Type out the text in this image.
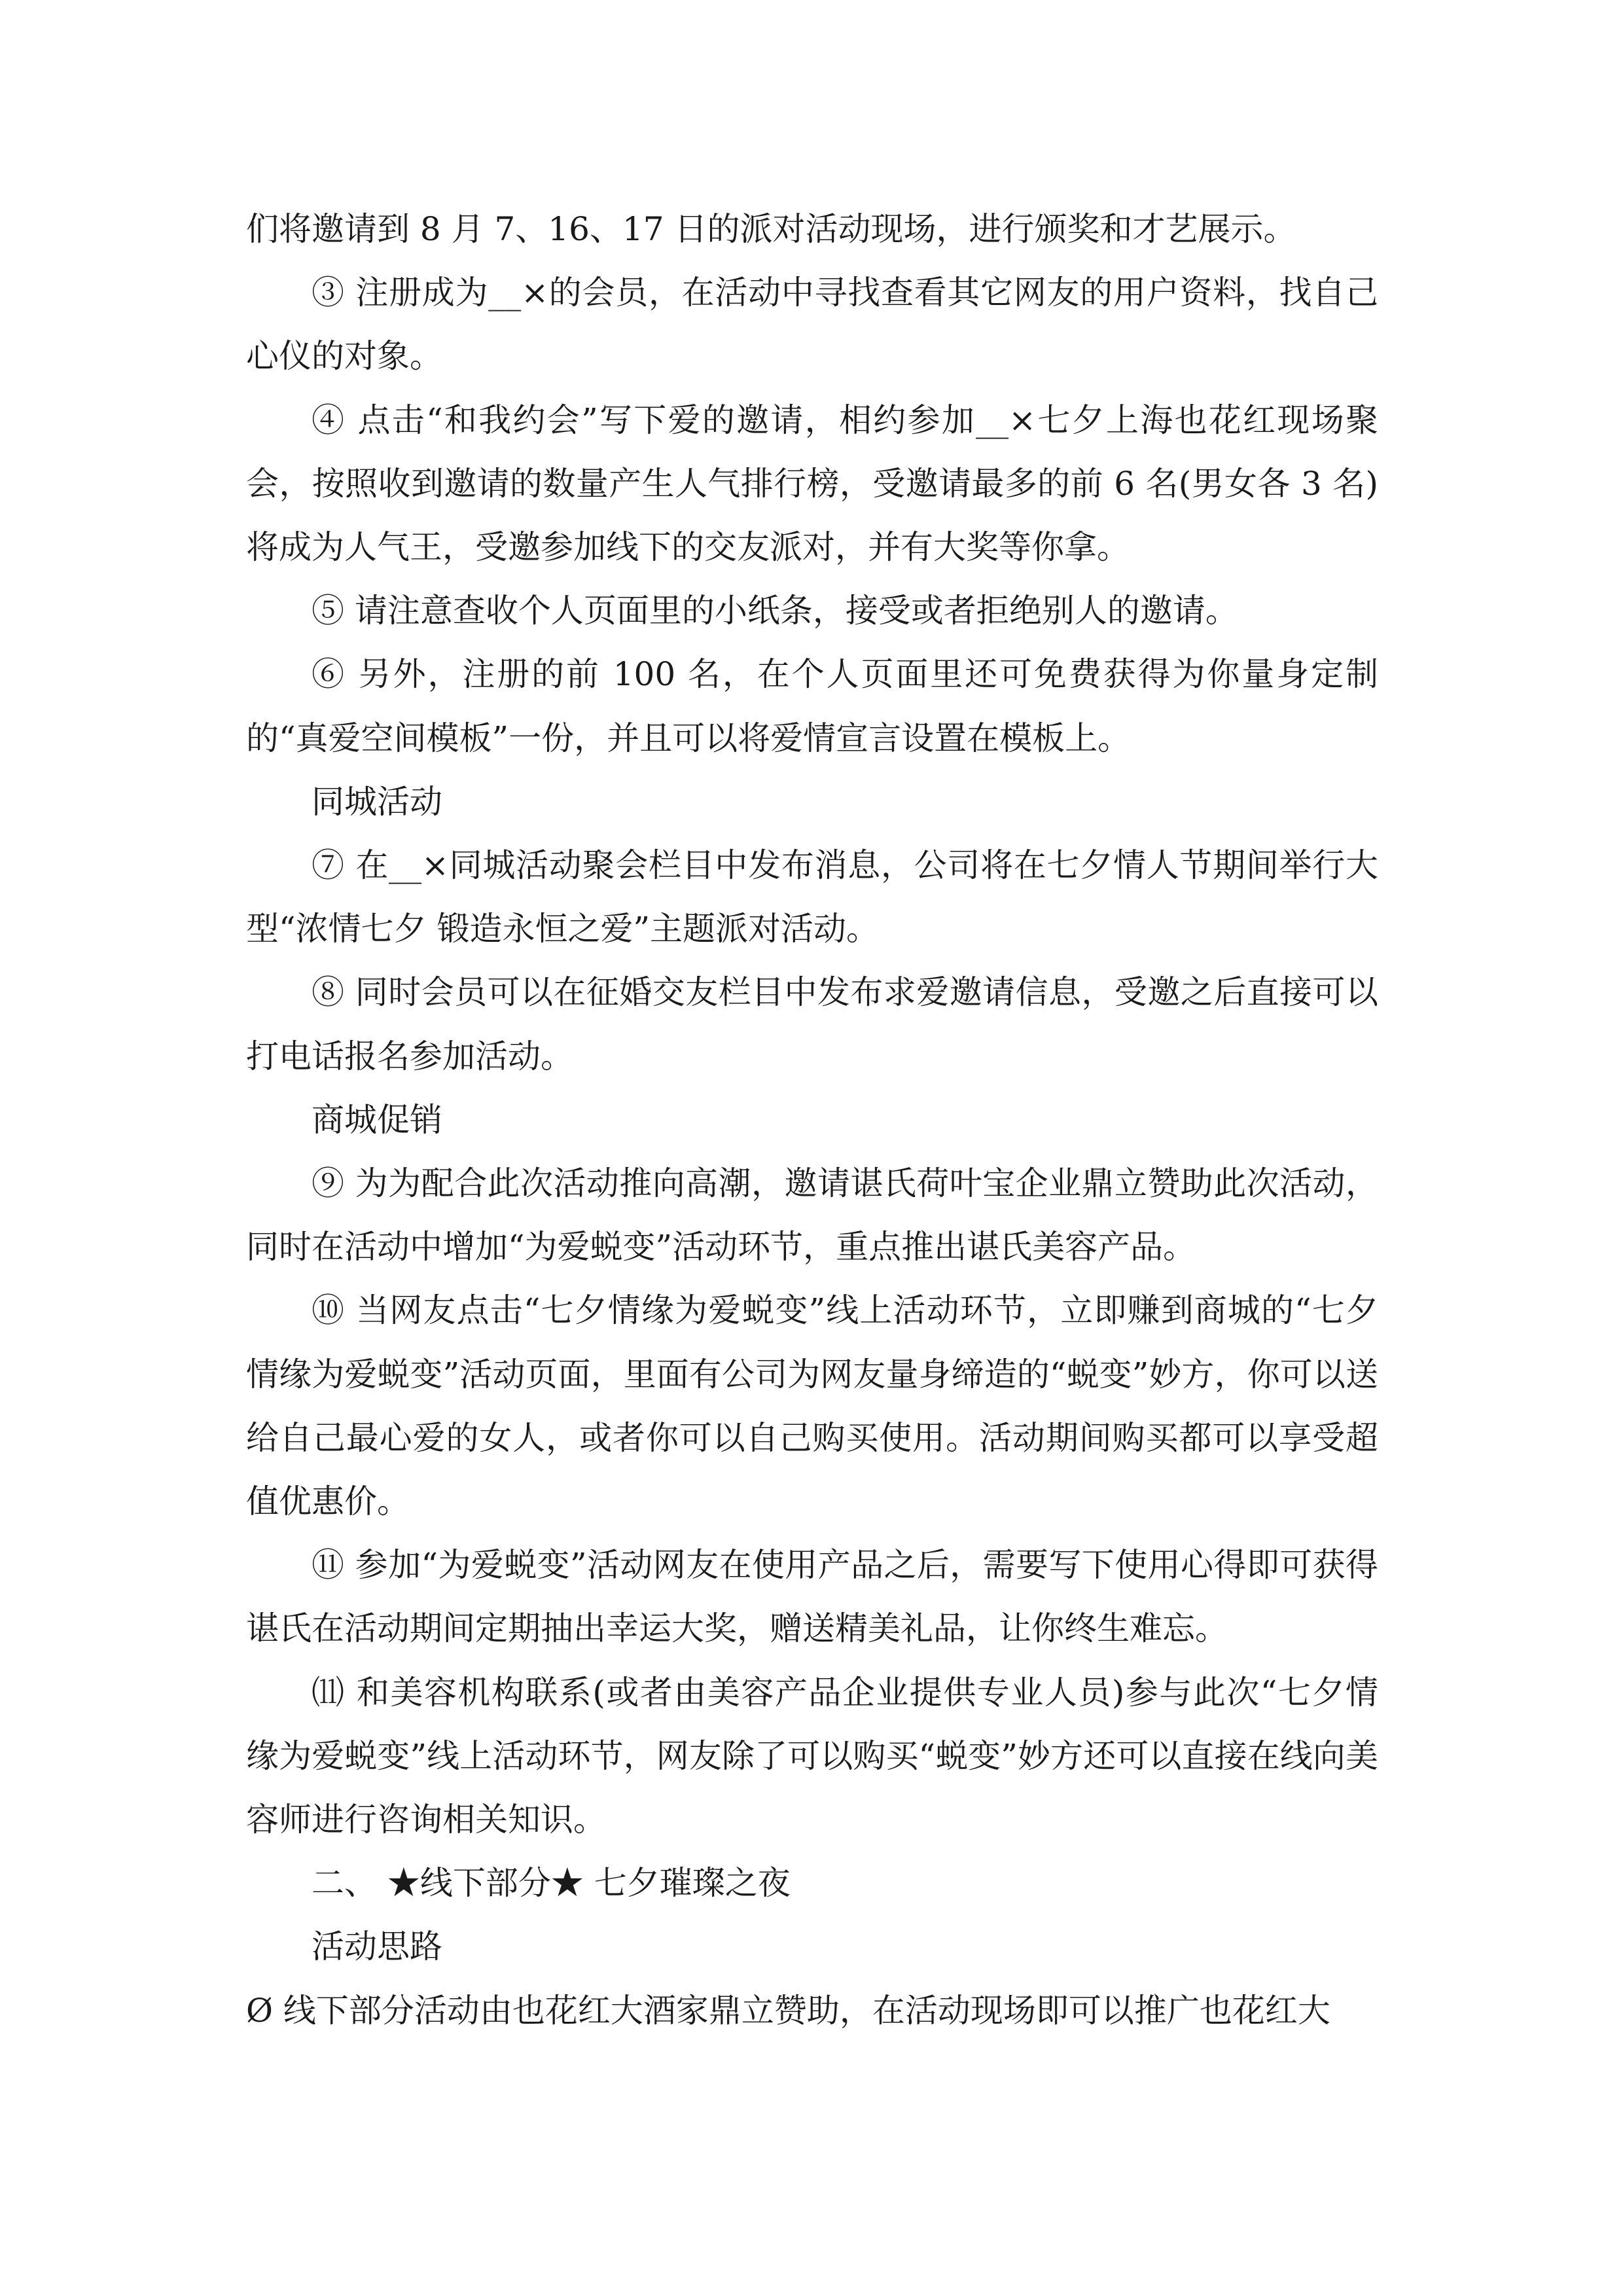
们将邀请到 8 月 7、16、17 日的派对活动现场，进行颁奖和才艺展示。

③ 注册成为__×的会员，在活动中寻找查看其它网友的用户资料，找自己心仪的对象。

④ 点击“和我约会”写下爱的邀请，相约参加__×七夕上海也花红现场聚会，按照收到邀请的数量产生人气排行榜，受邀请最多的前 6 名(男女各 3 名)将成为人气王，受邀参加线下的交友派对，并有大奖等你拿。

⑤ 请注意查收个人页面里的小纸条，接受或者拒绝别人的邀请。

⑥ 另外，注册的前 100 名，在个人页面里还可免费获得为你量身定制的“真爱空间模板”一份，并且可以将爱情宣言设置在模板上。

同城活动

⑦ 在__×同城活动聚会栏目中发布消息，公司将在七夕情人节期间举行大型“浓情七夕 锻造永恒之爱”主题派对活动。

⑧ 同时会员可以在征婚交友栏目中发布求爱邀请信息，受邀之后直接可以打电话报名参加活动。

商城促销

⑨ 为为配合此次活动推向高潮，邀请谌氏荷叶宝企业鼎立赞助此次活动，同时在活动中增加“为爱蜕变”活动环节，重点推出谌氏美容产品。

⑩ 当网友点击“七夕情缘为爱蜕变”线上活动环节，立即赚到商城的“七夕情缘为爱蜕变”活动页面，里面有公司为网友量身缔造的“蜕变”妙方，你可以送给自己最心爱的女人，或者你可以自己购买使用。活动期间购买都可以享受超值优惠价。

⑪ 参加“为爱蜕变”活动网友在使用产品之后，需要写下使用心得即可获得谌氏在活动期间定期抽出幸运大奖，赠送精美礼品，让你终生难忘。

⑾ 和美容机构联系(或者由美容产品企业提供专业人员)参与此次“七夕情缘为爱蜕变”线上活动环节，网友除了可以购买“蜕变”妙方还可以直接在线向美容师进行咨询相关知识。

二、 ★线下部分★ 七夕璀璨之夜

活动思路

Ø 线下部分活动由也花红大酒家鼎立赞助，在活动现场即可以推广也花红大
